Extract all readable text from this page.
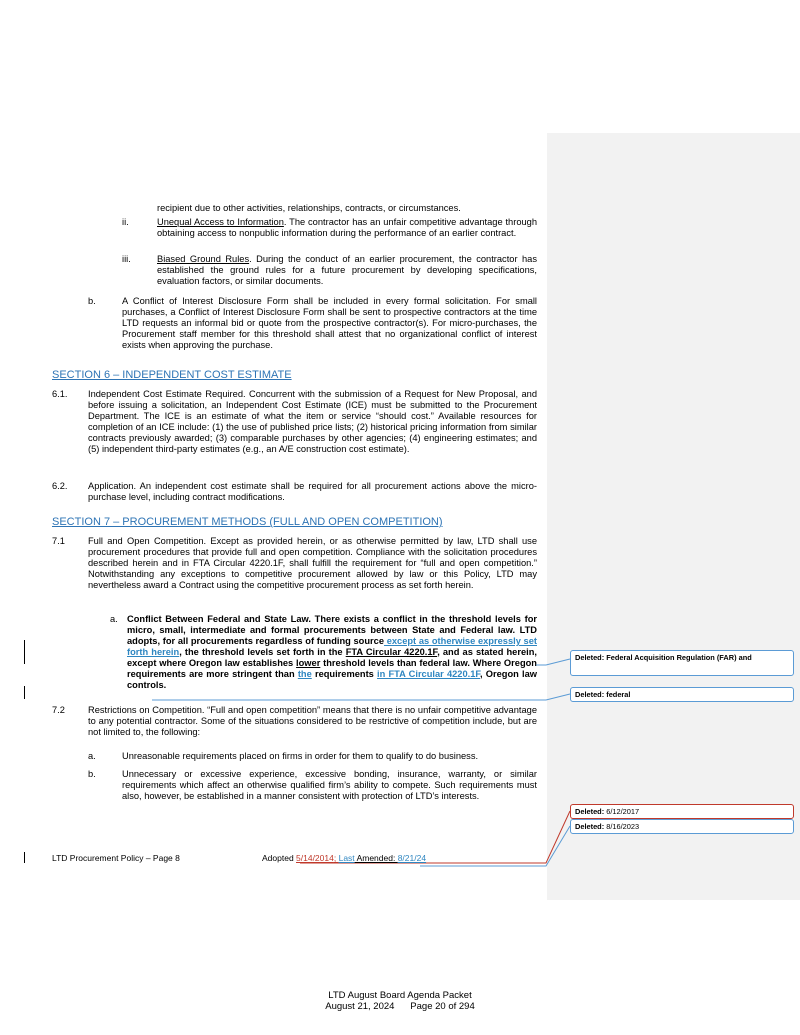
recipient due to other activities, relationships, contracts, or circumstances.
ii.	Unequal Access to Information. The contractor has an unfair competitive advantage through obtaining access to nonpublic information during the performance of an earlier contract.
iii.	Biased Ground Rules. During the conduct of an earlier procurement, the contractor has established the ground rules for a future procurement by developing specifications, evaluation factors, or similar documents.
b.	A Conflict of Interest Disclosure Form shall be included in every formal solicitation. For small purchases, a Conflict of Interest Disclosure Form shall be sent to prospective contractors at the time LTD requests an informal bid or quote from the prospective contractor(s). For micro-purchases, the Procurement staff member for this threshold shall attest that no organizational conflict of interest exists when approving the purchase.
SECTION 6 – INDEPENDENT COST ESTIMATE
6.1. Independent Cost Estimate Required. Concurrent with the submission of a Request for New Proposal, and before issuing a solicitation, an Independent Cost Estimate (ICE) must be submitted to the Procurement Department. The ICE is an estimate of what the item or service “should cost.” Available resources for completion of an ICE include: (1) the use of published price lists; (2) historical pricing information from similar contracts previously awarded; (3) comparable purchases by other agencies; (4) engineering estimates; and (5) independent third-party estimates (e.g., an A/E construction cost estimate).
6.2. Application. An independent cost estimate shall be required for all procurement actions above the micro-purchase level, including contract modifications.
SECTION 7 – PROCUREMENT METHODS (FULL AND OPEN COMPETITION)
7.1 Full and Open Competition. Except as provided herein, or as otherwise permitted by law, LTD shall use procurement procedures that provide full and open competition. Compliance with the solicitation procedures described herein and in FTA Circular 4220.1F, shall fulfill the requirement for “full and open competition.” Notwithstanding any exceptions to competitive procurement allowed by law or this Policy, LTD may nevertheless award a Contract using the competitive procurement process as set forth herein.
a. Conflict Between Federal and State Law. There exists a conflict in the threshold levels for micro, small, intermediate and formal procurements between State and Federal law. LTD adopts, for all procurements regardless of funding source except as otherwise expressly set forth herein, the threshold levels set forth in the FTA Circular 4220.1F, and as stated herein, except where Oregon law establishes lower threshold levels than federal law. Where Oregon requirements are more stringent than the requirements in FTA Circular 4220.1F, Oregon law controls.
7.2 Restrictions on Competition. “Full and open competition” means that there is no unfair competitive advantage to any potential contractor. Some of the situations considered to be restrictive of competition include, but are not limited to, the following:
a.	Unreasonable requirements placed on firms in order for them to qualify to do business.
b.	Unnecessary or excessive experience, excessive bonding, insurance, warranty, or similar requirements which affect an otherwise qualified firm’s ability to compete. Such requirements must also, however, be established in a manner consistent with protection of LTD’s interests.
Deleted: Federal Acquisition Regulation (FAR) and
Deleted: federal
Deleted: 6/12/2017
Deleted: 8/16/2023
LTD Procurement Policy – Page 8	Adopted 5/14/2014; Last Amended: 8/21/24
LTD August Board Agenda Packet
August 21, 2024 Page 20 of 294
